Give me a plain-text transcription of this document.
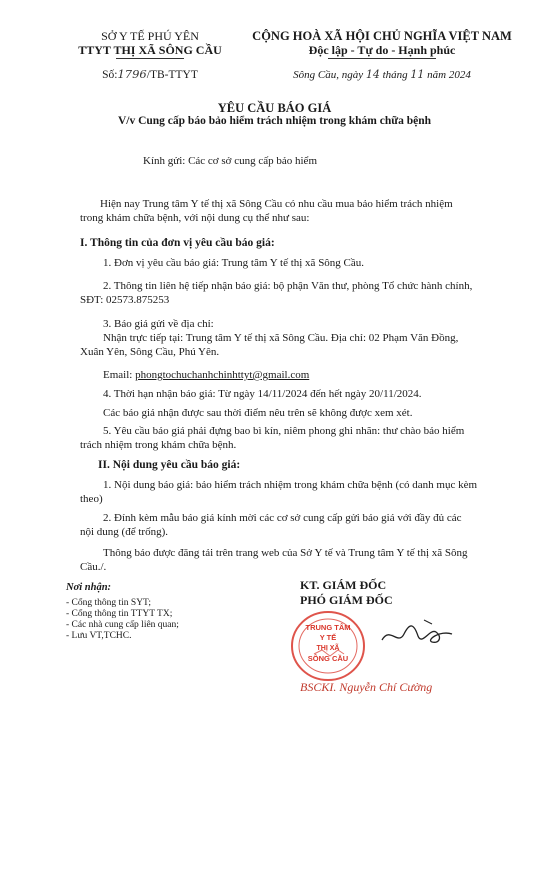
SỞ Y TẾ PHÚ YÊN
TTYT THỊ XÃ SÔNG CẦU
Số:1796/TB-TTYT
CỘNG HOÀ XÃ HỘI CHỦ NGHĨA VIỆT NAM
Độc lập - Tự do - Hạnh phúc
Sông Cầu, ngày 14 tháng 11 năm 2024
YÊU CẦU BÁO GIÁ
V/v Cung cấp báo bảo hiểm trách nhiệm trong khám chữa bệnh
Kính gửi: Các cơ sở cung cấp bảo hiểm
Hiện nay Trung tâm Y tế thị xã Sông Cầu có nhu cầu mua bảo hiểm trách nhiệm
trong khám chữa bệnh, với nội dung cụ thể như sau:
I. Thông tin của đơn vị yêu cầu báo giá:
1. Đơn vị yêu cầu báo giá: Trung tâm Y tế thị xã Sông Cầu.
2. Thông tin liên hệ tiếp nhận báo giá: bộ phận Văn thư, phòng Tổ chức hành chính,
SĐT: 02573.875253
3. Báo giá gửi về địa chỉ:
Nhận trực tiếp tại: Trung tâm Y tế thị xã Sông Cầu. Địa chỉ: 02 Phạm Văn Đồng,
Xuân Yên, Sông Cầu, Phú Yên.
Email: phongtochuchanhchinhttyt@gmail.com
4. Thời hạn nhận báo giá: Từ ngày 14/11/2024 đến hết ngày 20/11/2024.
Các báo giá nhận được sau thời điểm nêu trên sẽ không được xem xét.
5. Yêu cầu báo giá phải đựng bao bì kín, niêm phong ghi nhãn: thư chào bảo hiểm
trách nhiệm trong khám chữa bệnh.
II. Nội dung yêu cầu báo giá:
1. Nội dung báo giá: bảo hiểm trách nhiệm trong khám chữa bệnh (có danh mục kèm
theo)
2. Đính kèm mẫu báo giá kính mời các cơ sở cung cấp gửi báo giá với đầy đủ các
nội dung (để trống).
Thông báo được đăng tải trên trang web của Sở Y tế và Trung tâm Y tế thị xã Sông
Cầu./.
Nơi nhận:
- Cổng thông tin SYT;
- Cổng thông tin TTYT TX;
- Các nhà cung cấp liên quan;
- Lưu VT,TCHC.
KT. GIÁM ĐỐC
PHÓ GIÁM ĐỐC
TRUNG TÂM
Y TẾ
THỊ XÃ
SÔNG CẦU
BSCKI. Nguyễn Chí Cường
